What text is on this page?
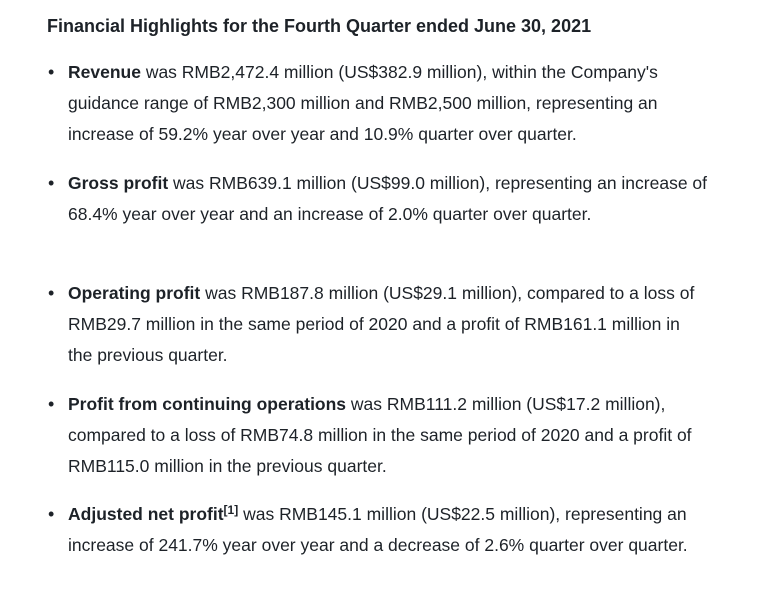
Financial Highlights for the Fourth Quarter ended June 30, 2021
• Revenue was RMB2,472.4 million (US$382.9 million), within the Company's guidance range of RMB2,300 million and RMB2,500 million, representing an increase of 59.2% year over year and 10.9% quarter over quarter.
• Gross profit was RMB639.1 million (US$99.0 million), representing an increase of 68.4% year over year and an increase of 2.0% quarter over quarter.
• Operating profit was RMB187.8 million (US$29.1 million), compared to a loss of RMB29.7 million in the same period of 2020 and a profit of RMB161.1 million in the previous quarter.
• Profit from continuing operations was RMB111.2 million (US$17.2 million), compared to a loss of RMB74.8 million in the same period of 2020 and a profit of RMB115.0 million in the previous quarter.
• Adjusted net profit[1] was RMB145.1 million (US$22.5 million), representing an increase of 241.7% year over year and a decrease of 2.6% quarter over quarter.
